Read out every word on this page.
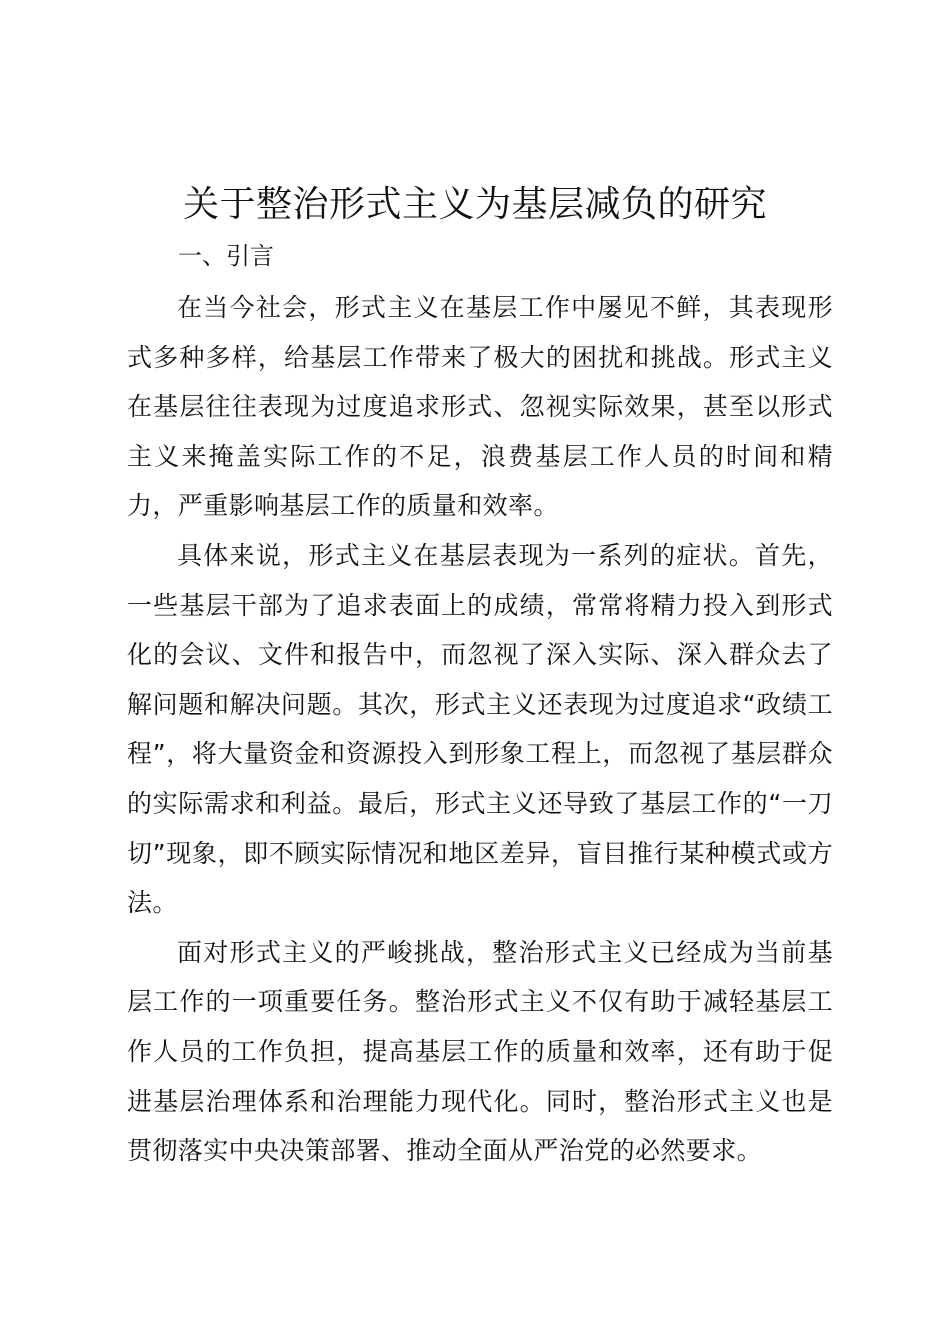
关于整治形式主义为基层减负的研究
一、引言

在当今社会，形式主义在基层工作中屡见不鲜，其表现形式多种多样，给基层工作带来了极大的困扰和挑战。形式主义在基层往往表现为过度追求形式、忽视实际效果，甚至以形式主义来掩盖实际工作的不足，浪费基层工作人员的时间和精力，严重影响基层工作的质量和效率。

具体来说，形式主义在基层表现为一系列的症状。首先，一些基层干部为了追求表面上的成绩，常常将精力投入到形式化的会议、文件和报告中，而忽视了深入实际、深入群众去了解问题和解决问题。其次，形式主义还表现为过度追求“政绩工程”，将大量资金和资源投入到形象工程上，而忽视了基层群众的实际需求和利益。最后，形式主义还导致了基层工作的“一刀切”现象，即不顾实际情况和地区差异，盲目推行某种模式或方法。

面对形式主义的严峻挑战，整治形式主义已经成为当前基层工作的一项重要任务。整治形式主义不仅有助于减轻基层工作人员的工作负担，提高基层工作的质量和效率，还有助于促进基层治理体系和治理能力现代化。同时，整治形式主义也是贯彻落实中央决策部署、推动全面从严治党的必然要求。
